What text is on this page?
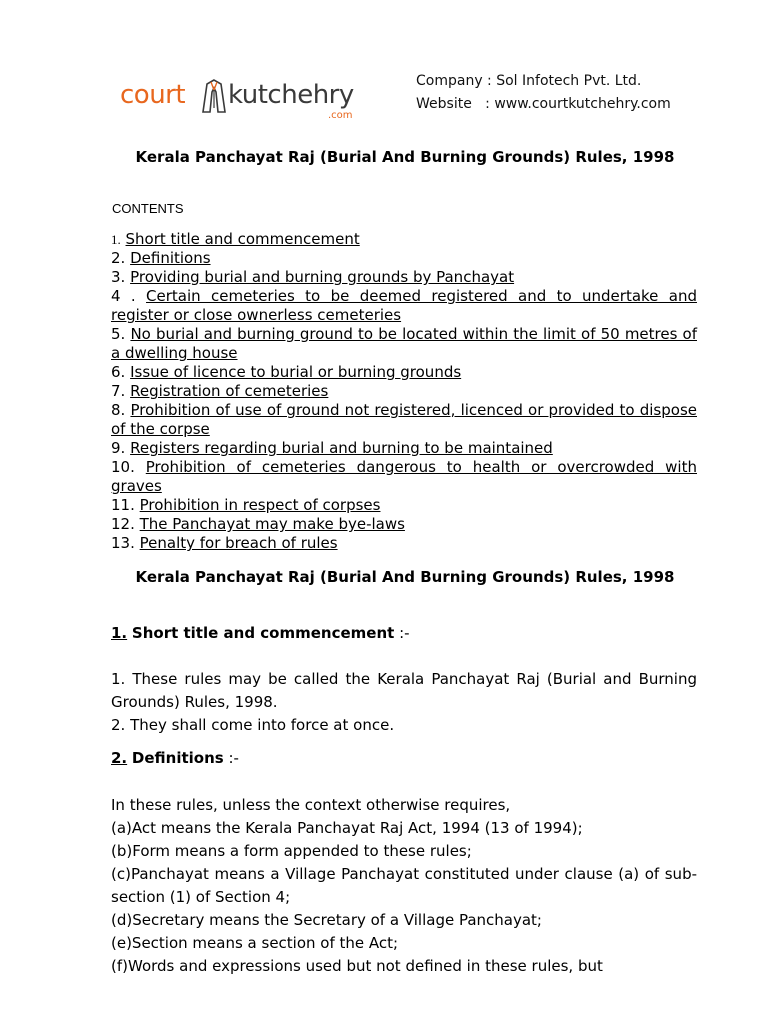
court kutchehry
.com
Company : Sol Infotech Pvt. Ltd.
Website   : www.courtkutchehry.com
Kerala Panchayat Raj (Burial And Burning Grounds) Rules, 1998
CONTENTS
1. Short title and commencement
2. Definitions
3. Providing burial and burning grounds by Panchayat
4 . Certain cemeteries to be deemed registered and to undertake and register or close ownerless cemeteries
5. No burial and burning ground to be located within the limit of 50 metres of a dwelling house
6. Issue of licence to burial or burning grounds
7. Registration of cemeteries
8. Prohibition of use of ground not registered, licenced or provided to dispose of the corpse
9. Registers regarding burial and burning to be maintained
10. Prohibition of cemeteries dangerous to health or overcrowded with graves
11. Prohibition in respect of corpses
12. The Panchayat may make bye-laws
13. Penalty for breach of rules
Kerala Panchayat Raj (Burial And Burning Grounds) Rules, 1998
1. Short title and commencement :-

1. These rules may be called the Kerala Panchayat Raj (Burial and Burning Grounds) Rules, 1998.

2. They shall come into force at once.

2. Definitions :-

In these rules, unless the context otherwise requires,

(a)Act means the Kerala Panchayat Raj Act, 1994 (13 of 1994);

(b)Form means a form appended to these rules;

(c)Panchayat means a Village Panchayat constituted under clause (a) of sub-section (1) of Section 4;

(d)Secretary means the Secretary of a Village Panchayat;

(e)Section means a section of the Act;

(f)Words and expressions used but not defined in these rules, but
